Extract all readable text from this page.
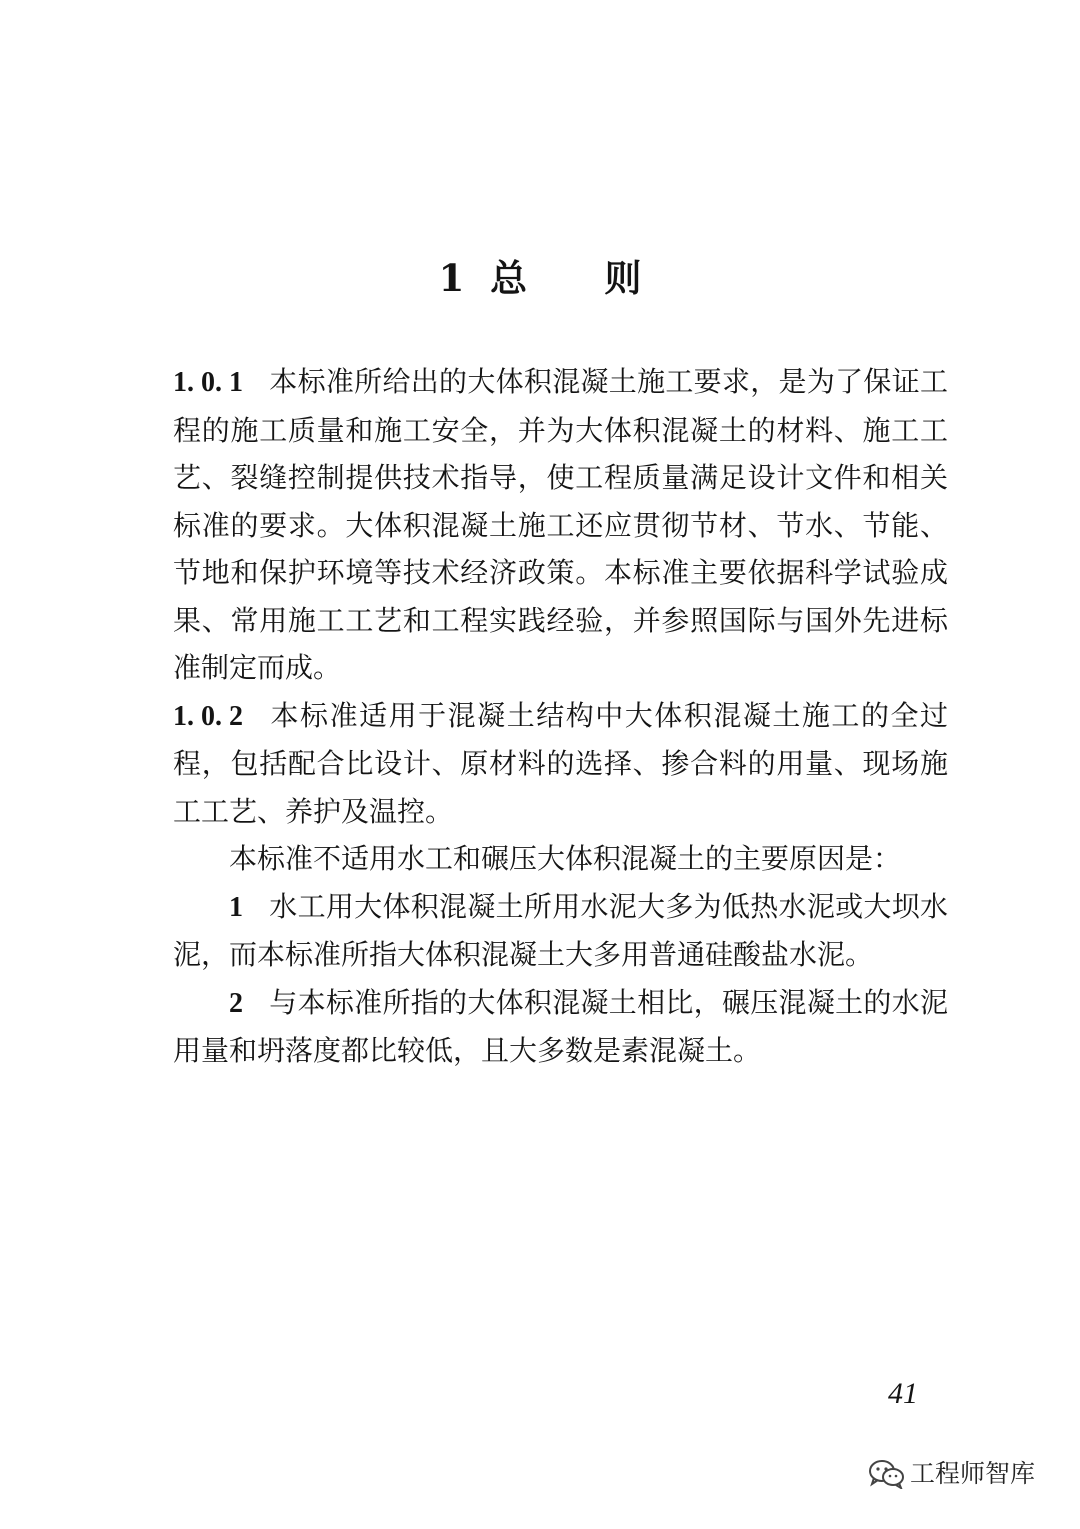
1  总      则

1. 0. 1 本标准所给出的大体积混凝土施工要求，是为了保证工程的施工质量和施工安全，并为大体积混凝土的材料、施工工艺、裂缝控制提供技术指导，使工程质量满足设计文件和相关标准的要求。大体积混凝土施工还应贯彻节材、节水、节能、节地和保护环境等技术经济政策。本标准主要依据科学试验成果、常用施工工艺和工程实践经验，并参照国际与国外先进标准制定而成。

1. 0. 2 本标准适用于混凝土结构中大体积混凝土施工的全过程，包括配合比设计、原材料的选择、掺合料的用量、现场施工工艺、养护及温控。

本标准不适用水工和碾压大体积混凝土的主要原因是：

1 水工用大体积混凝土所用水泥大多为低热水泥或大坝水泥，而本标准所指大体积混凝土大多用普通硅酸盐水泥。

2 与本标准所指的大体积混凝土相比，碾压混凝土的水泥用量和坍落度都比较低，且大多数是素混凝土。

41
工程师智库
